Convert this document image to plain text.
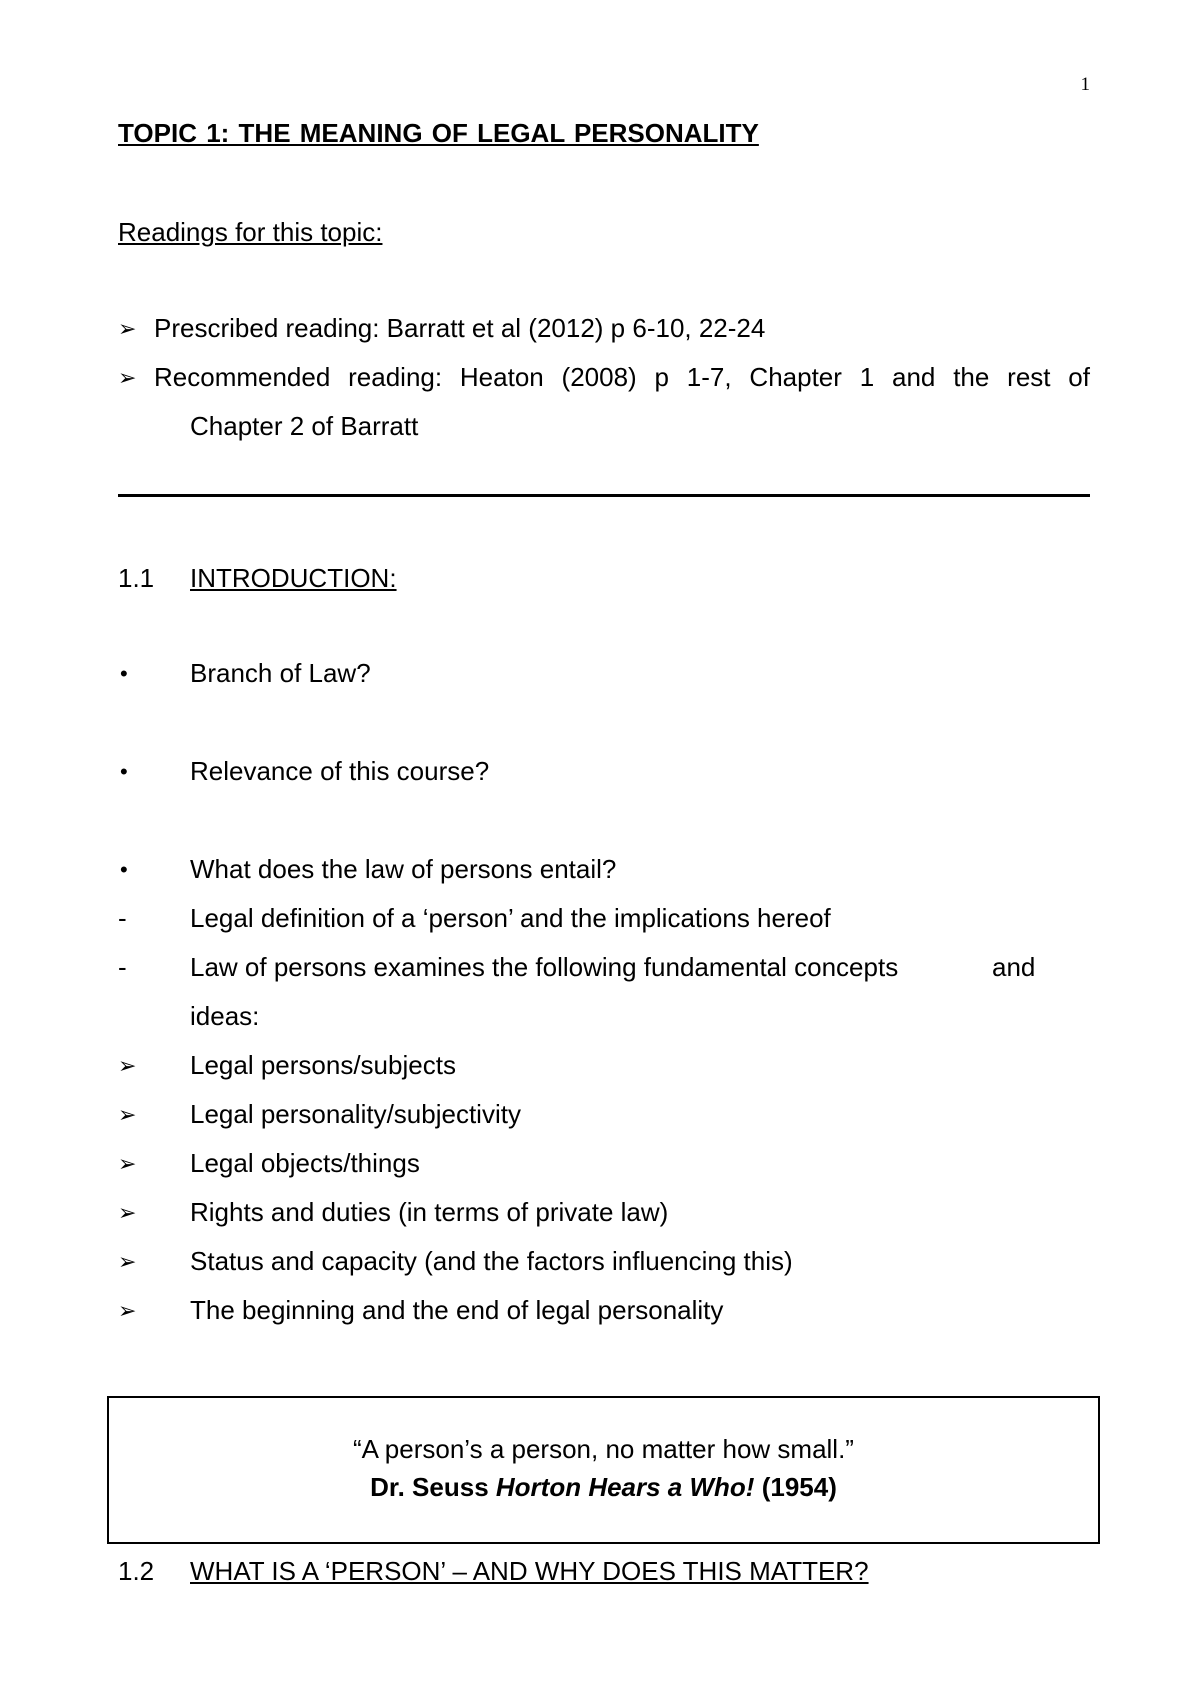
1
TOPIC 1: THE MEANING OF LEGAL PERSONALITY
Readings for this topic:
➢ Prescribed reading: Barratt et al (2012) p 6-10, 22-24
➢ Recommended reading: Heaton (2008) p 1-7, Chapter 1 and the rest of
Chapter 2 of Barratt
1.1 INTRODUCTION:
•	Branch of Law?
•	Relevance of this course?
•	What does the law of persons entail?
-	Legal definition of a ‘person’ and the implications hereof
-	Law of persons examines the following fundamental concepts	and
ideas:
➢	Legal persons/subjects
➢	Legal personality/subjectivity
➢	Legal objects/things
➢	Rights and duties (in terms of private law)
➢	Status and capacity (and the factors influencing this)
➢	The beginning and the end of legal personality
“A person’s a person, no matter how small.”
Dr. Seuss Horton Hears a Who! (1954)
1.2 WHAT IS A ‘PERSON’ – AND WHY DOES THIS MATTER?
